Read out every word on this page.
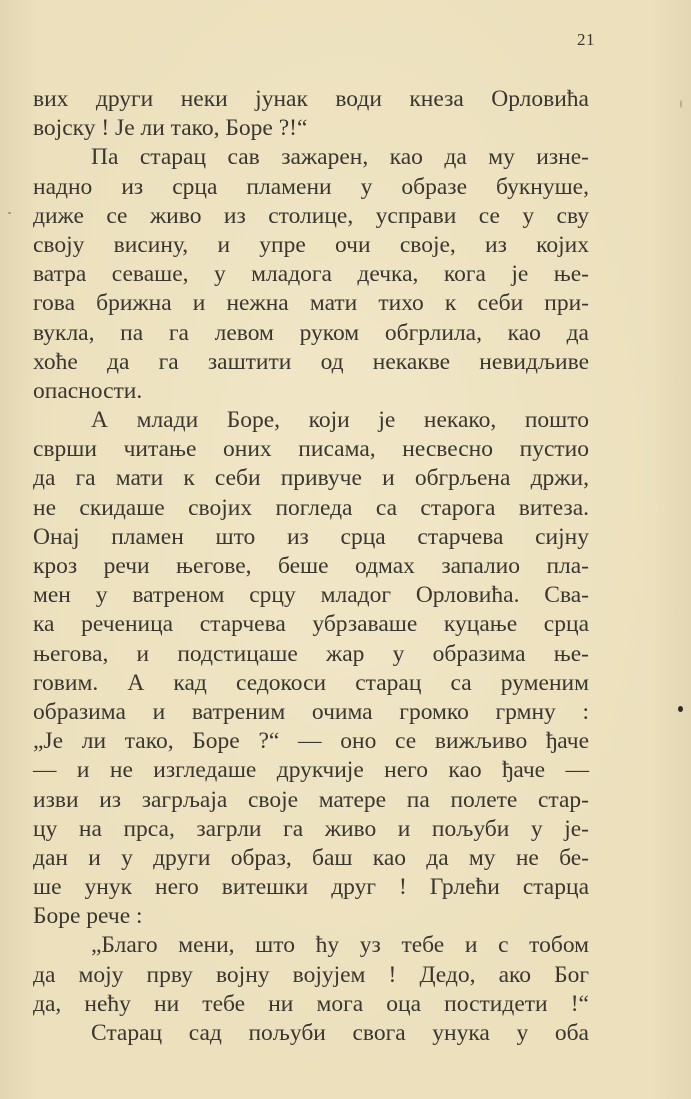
21
вих други неки јунак води кнеза Орловића
војску ! Је ли тако, Боре ?!“
Па старац сав зажарен, као да му изне-
надно из срца пламени у образе букнуше,
диже се живо из столице, усправи се у сву
своју висину, и упре очи своје, из којих
ватра севаше, у младога дечка, кога је ње-
гова брижна и нежна мати тихо к себи при-
вукла, па га левом руком обгрлила, као да
хоће да га заштити од некакве невидљиве
опасности.
А млади Боре, који је некако, пошто
сврши читање оних писама, несвесно пустио
да га мати к себи привуче и обгрљена држи,
не скидаше својих погледа са старога витеза.
Онај пламен што из срца старчева сијну
кроз речи његове, беше одмах запалио пла-
мен у ватреном срцу младог Орловића. Сва-
ка реченица старчева убрзаваше куцање срца
његова, и подстицаше жар у образима ње-
говим. А кад седокоси старац са руменим
образима и ватреним очима громко грмну :
„Је ли тако, Боре ?“ — оно се вижљиво ђаче
— и не изгледаше друкчије него као ђаче —
изви из загрљаја своје матере па полете стар-
цу на прса, загрли га живо и пољуби у је-
дан и у други образ, баш као да му не бе-
ше унук него витешки друг ! Грлећи старца
Боре рече :
„Благо мени, што ћу уз тебе и с тобом
да моју прву војну војујем ! Дедо, ако Бог
да, нећу ни тебе ни мога оца постидети !“
Старац сад пољуби свога унука у оба
